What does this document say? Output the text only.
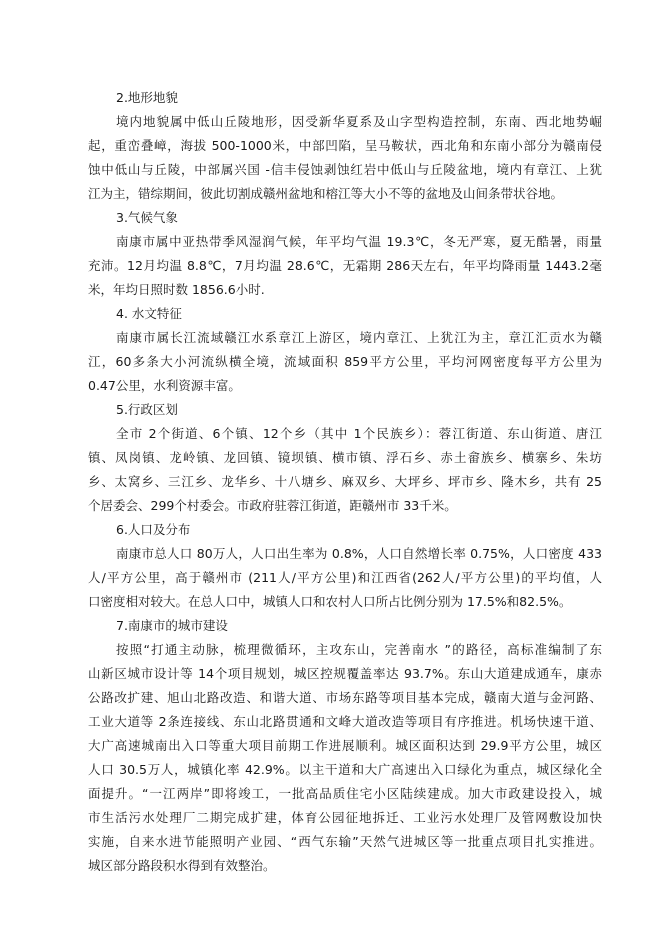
2.地形地貌
境内地貌属中低山丘陵地形，因受新华夏系及山字型构造控制，东南、西北地势崛
起，重峦叠嶂，海拔 500-1000米，中部凹陷，呈马鞍状，西北角和东南小部分为赣南侵
蚀中低山与丘陵，中部属兴国 -信丰侵蚀剥蚀红岩中低山与丘陵盆地，境内有章江、上犹
江为主，错综期间，彼此切割成赣州盆地和榕江等大小不等的盆地及山间条带状谷地。
3.气候气象
南康市属中亚热带季风湿润气候，年平均气温 19.3℃，冬无严寒，夏无酷暑，雨量
充沛。12月均温 8.8℃，7月均温 28.6℃，无霜期 286天左右，年平均降雨量 1443.2毫
米，年均日照时数 1856.6小时.
4. 水文特征
南康市属长江流域赣江水系章江上游区，境内章江、上犹江为主，章江汇贡水为赣
江，60多条大小河流纵横全境，流域面积 859平方公里，平均河网密度每平方公里为
0.47公里，水利资源丰富。
5.行政区划
全市 2个街道、6个镇、12个乡（其中 1个民族乡）：蓉江街道、东山街道、唐江
镇、凤岗镇、龙岭镇、龙回镇、镜坝镇、横市镇、浮石乡、赤土畲族乡、横寨乡、朱坊
乡、太窝乡、三江乡、龙华乡、十八塘乡、麻双乡、大坪乡、坪市乡、隆木乡，共有 25
个居委会、299个村委会。市政府驻蓉江街道，距赣州市 33千米。
6.人口及分布
南康市总人口 80万人，人口出生率为 0.8%，人口自然增长率 0.75%，人口密度 433
人/平方公里，高于赣州市 (211人/平方公里)和江西省(262人/平方公里)的平均值，人
口密度相对较大。在总人口中，城镇人口和农村人口所占比例分别为 17.5%和82.5%。
7.南康市的城市建设
按照“打通主动脉，梳理微循环，主攻东山，完善南水 ”的路径，高标准编制了东
山新区城市设计等 14个项目规划，城区控规覆盖率达 93.7%。东山大道建成通车，康赤
公路改扩建、旭山北路改造、和谐大道、市场东路等项目基本完成，赣南大道与金河路、
工业大道等 2条连接线、东山北路贯通和文峰大道改造等项目有序推进。机场快速干道、
大广高速城南出入口等重大项目前期工作进展顺利。城区面积达到 29.9平方公里，城区
人口 30.5万人，城镇化率 42.9%。以主干道和大广高速出入口绿化为重点，城区绿化全
面提升。“一江两岸”即将竣工，一批高品质住宅小区陆续建成。加大市政建设投入，城
市生活污水处理厂二期完成扩建，体育公园征地拆迁、工业污水处理厂及管网敷设加快
实施，自来水进节能照明产业园、“西气东输”天然气进城区等一批重点项目扎实推进。
城区部分路段积水得到有效整治。
